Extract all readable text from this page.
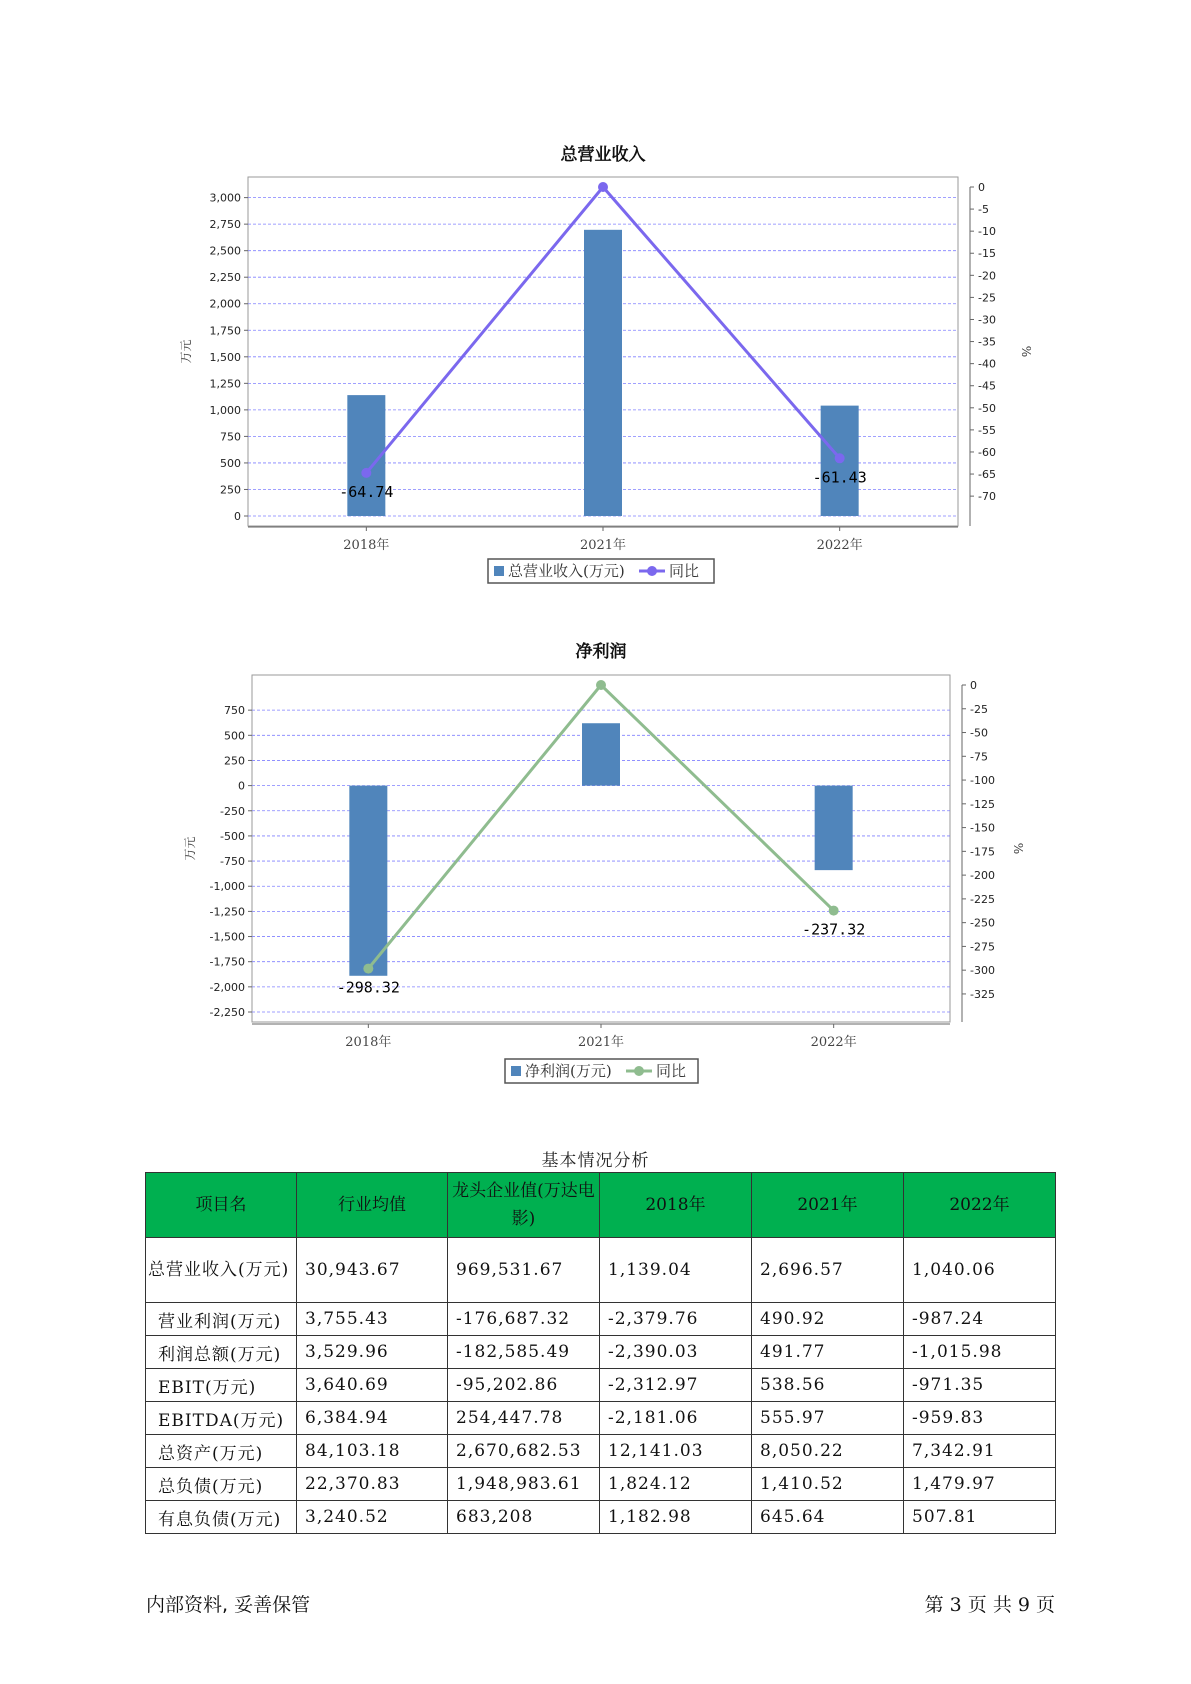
总营业收入
0
250
500
750
1,000
1,250
1,500
1,750
2,000
2,250
2,500
2,750
3,000
0
-5
-10
-15
-20
-25
-30
-35
-40
-45
-50
-55
-60
-65
-70
万元	%
2018年	2021年	2022年
-64.74
-61.43
总营业收入(万元)	同比
净利润
750
500
250
0
-250
-500
-750
-1,000
-1,250
-1,500
-1,750
-2,000
-2,250
0
-25
-50
-75
-100
-125
-150
-175
-200
-225
-250
-275
-300
-325
万元	%
2018年	2021年	2022年
-298.32
-237.32
净利润(万元)	同比
基本情况分析
项目名	行业均值	龙头企业值(万达电影)	2018年	2021年	2022年
总营业收入(万元)	30,943.67	969,531.67	1,139.04	2,696.57	1,040.06
营业利润(万元)	3,755.43	-176,687.32	-2,379.76	490.92	-987.24
利润总额(万元)	3,529.96	-182,585.49	-2,390.03	491.77	-1,015.98
EBIT(万元)	3,640.69	-95,202.86	-2,312.97	538.56	-971.35
EBITDA(万元)	6,384.94	254,447.78	-2,181.06	555.97	-959.83
总资产(万元)	84,103.18	2,670,682.53	12,141.03	8,050.22	7,342.91
总负债(万元)	22,370.83	1,948,983.61	1,824.12	1,410.52	1,479.97
有息负债(万元)	3,240.52	683,208	1,182.98	645.64	507.81
内部资料, 妥善保管	第 3 页 共 9 页
